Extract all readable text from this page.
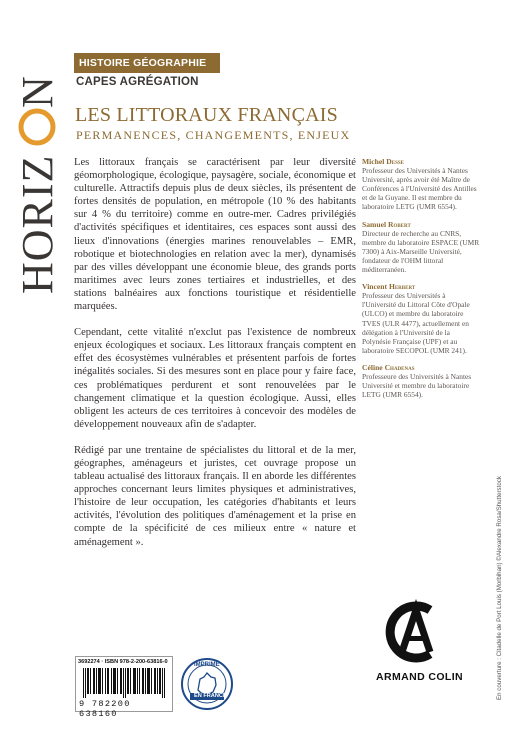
HORIZ
N
HISTOIRE GÉOGRAPHIE
CAPES AGRÉGATION
LES LITTORAUX FRANÇAIS
PERMANENCES, CHANGEMENTS, ENJEUX

Les littoraux français se caractérisent par leur diversité géomorphologique, écologique, paysagère, sociale, économique et culturelle. Attractifs depuis plus de deux siècles, ils présentent de fortes densités de population, en métropole (10 % des habitants sur 4 % du territoire) comme en outre-mer. Cadres privilégiés d'activités spécifiques et identitaires, ces espaces sont aussi des lieux d'innovations (énergies marines renouvelables – EMR, robotique et biotechnologies en relation avec la mer), dynamisés par des villes développant une économie bleue, des grands ports maritimes avec leurs zones tertiaires et industrielles, et des stations balnéaires aux fonctions touristique et résidentielle marquées.

Cependant, cette vitalité n'exclut pas l'existence de nombreux enjeux écologiques et sociaux. Les littoraux français comptent en effet des écosystèmes vulnérables et présentent parfois de fortes inégalités sociales. Si des mesures sont en place pour y faire face, ces problématiques perdurent et sont renouvelées par le changement climatique et la question écologique. Aussi, elles obligent les acteurs de ces territoires à concevoir des modèles de développement nouveaux afin de s'adapter.

Rédigé par une trentaine de spécialistes du littoral et de la mer, géographes, aménageurs et juristes, cet ouvrage propose un tableau actualisé des littoraux français. Il en aborde les différentes approches concernant leurs limites physiques et administratives, l'histoire de leur occupation, les catégories d'habitants et leurs activités, l'évolution des politiques d'aménagement et la prise en compte de la spécificité de ces milieux entre « nature et aménagement ».

Michel Desse
Professeur des Universités à Nantes Université, après avoir été Maître de Conférences à l'Université des Antilles et de la Guyane. Il est membre du laboratoire LETG (UMR 6554).
Samuel Robert
Directeur de recherche au CNRS, membre du laboratoire ESPACE (UMR 7300) à Aix-Marseille Université, fondateur de l'OHM littoral méditerranéen.
Vincent Herbert
Professeur des Universités à l'Université du Littoral Côte d'Opale (ULCO) et membre du laboratoire TVES (ULR 4477), actuellement en délégation à l'Université de la Polynésie Française (UPF) et au laboratoire SECOPOL (UMR 241).
Céline Chadenas
Professeure des Universités à Nantes Université et membre du laboratoire LETG (UMR 6554).
En couverture : Citadelle de Port Louis (Morbihan) ©Alexandre Rosa/Shutterstock
3692274 · ISBN 978-2-200-63816-0
9 782200 638160
IMPRIMÉ
EN FRANCE
ARMAND COLIN
